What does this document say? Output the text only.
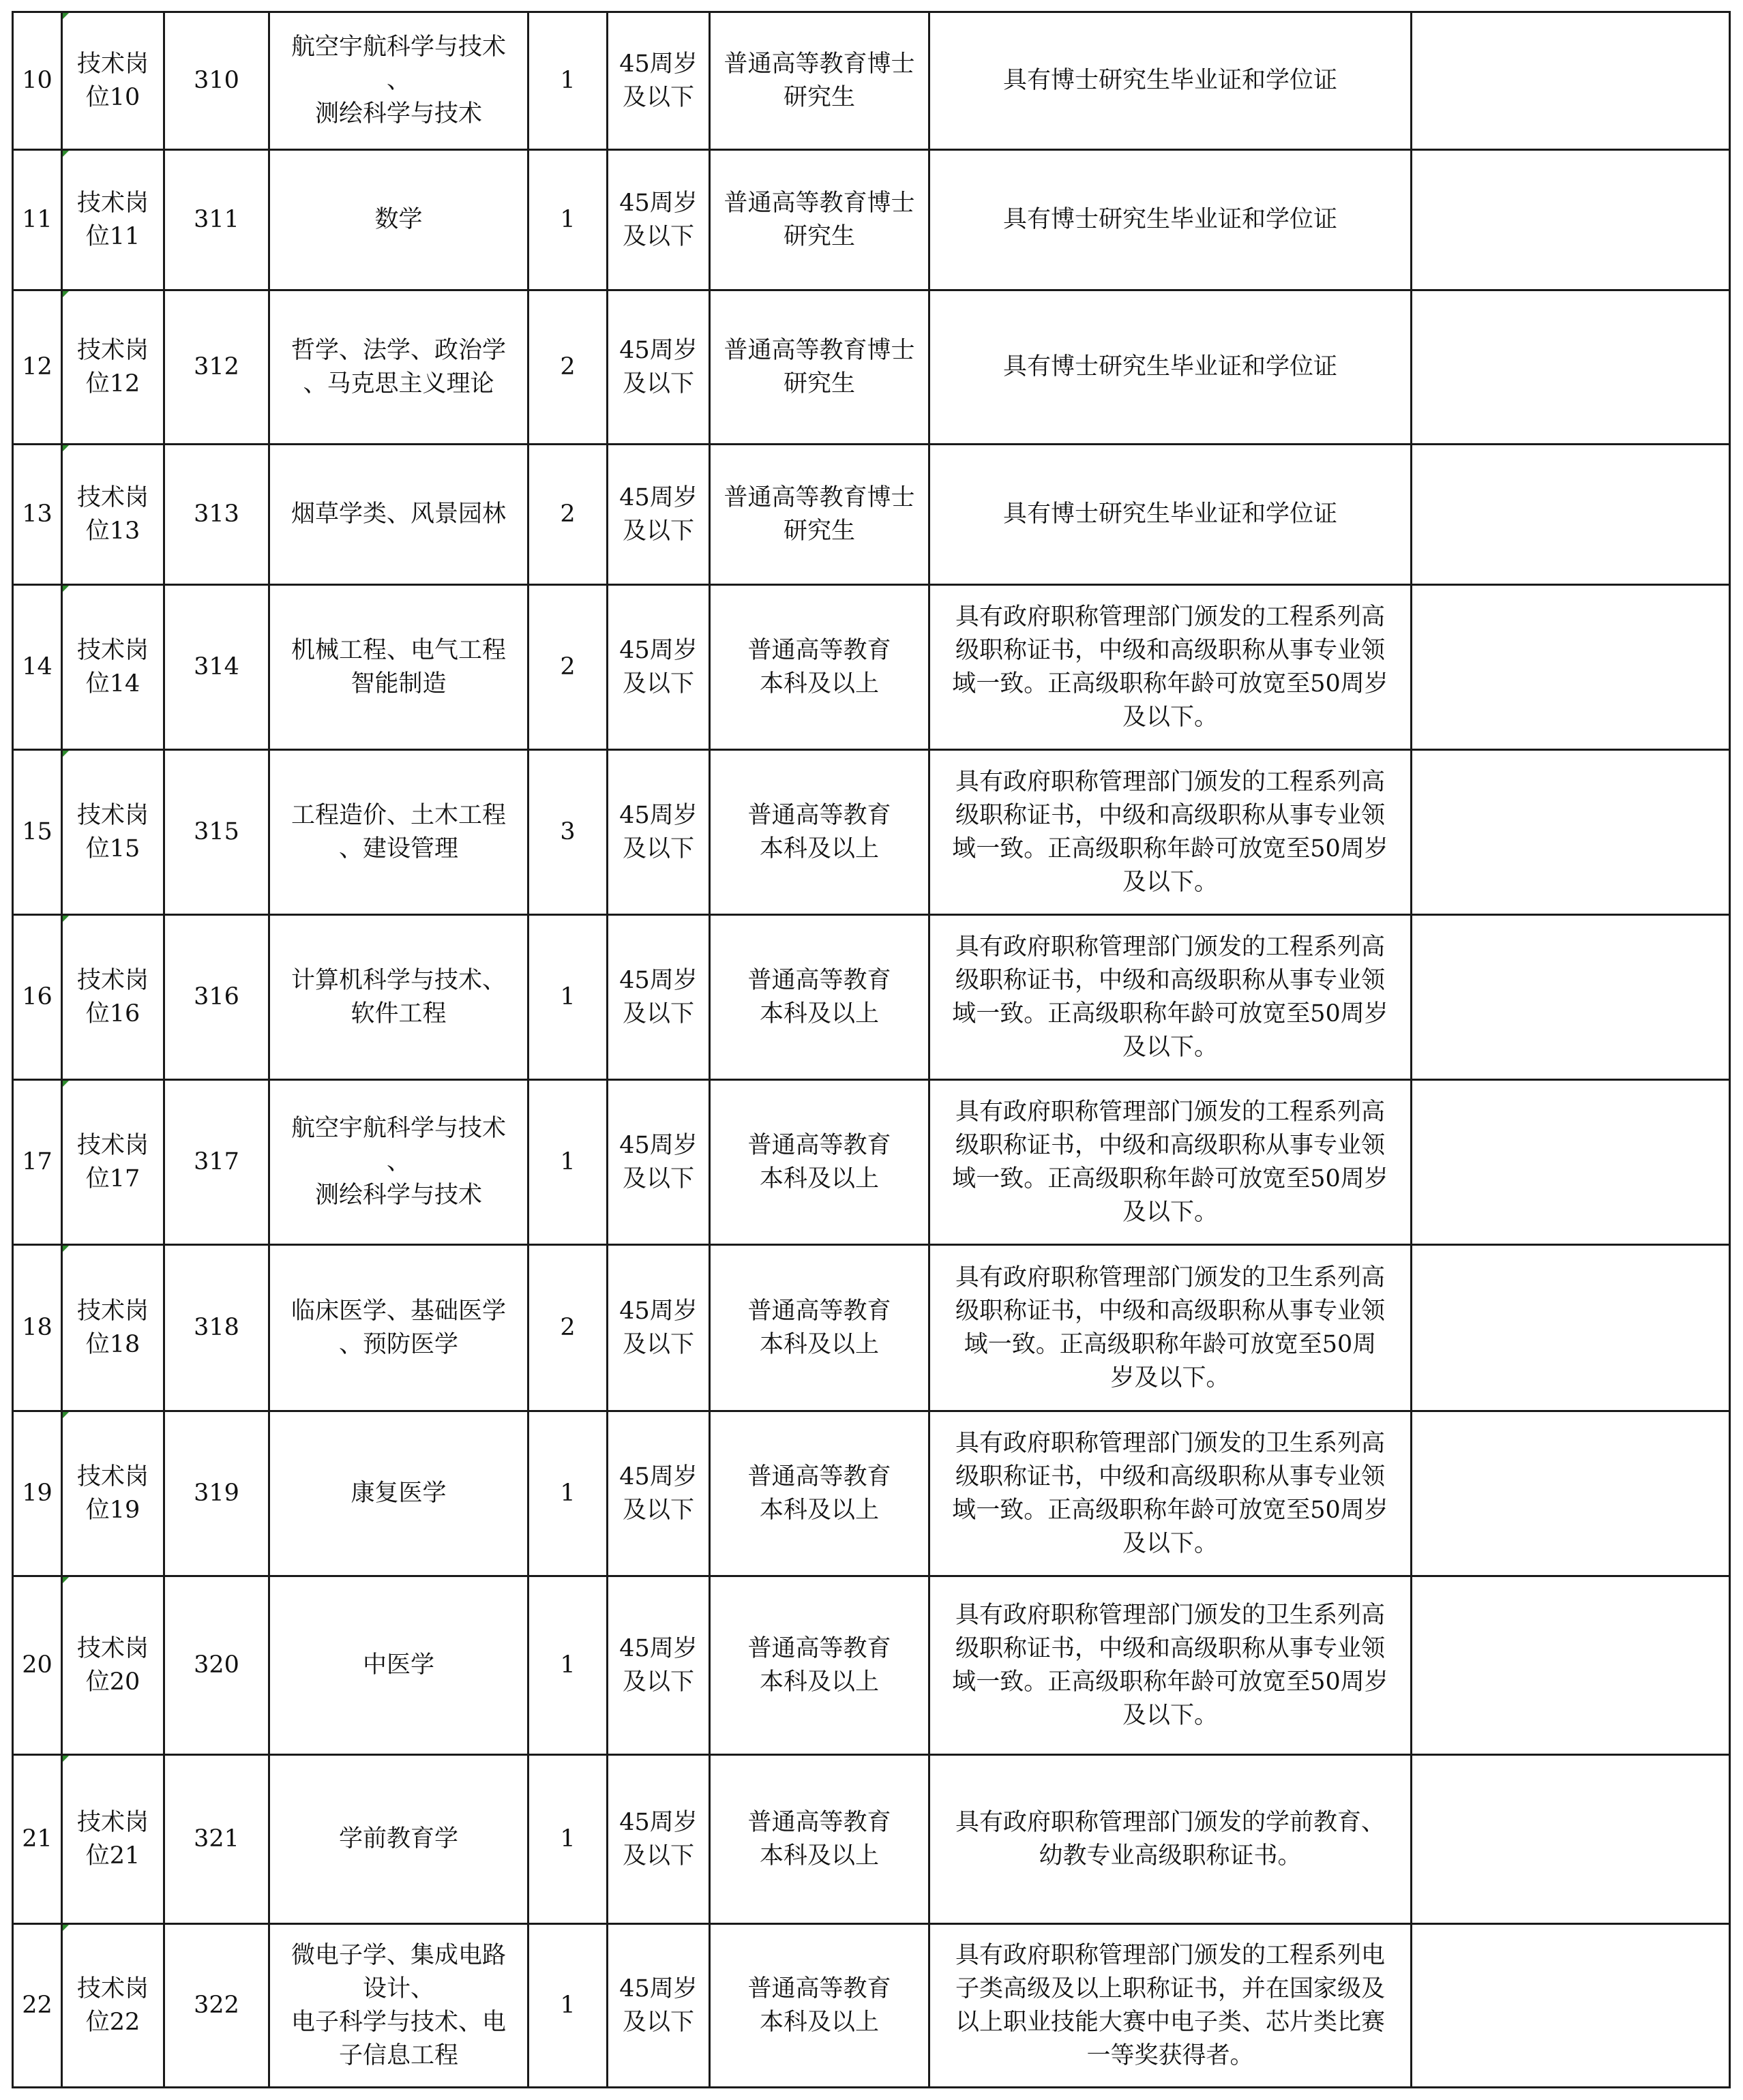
10	技术岗
位10	310	航空宇航科学与技术
、
测绘科学与技术	1	45周岁
及以下	普通高等教育博士
研究生	具有博士研究生毕业证和学位证	

11	技术岗
位11	311	数学	1	45周岁
及以下	普通高等教育博士
研究生	具有博士研究生毕业证和学位证	

12	技术岗
位12	312	哲学、法学、政治学
、马克思主义理论	2	45周岁
及以下	普通高等教育博士
研究生	具有博士研究生毕业证和学位证	

13	技术岗
位13	313	烟草学类、风景园林	2	45周岁
及以下	普通高等教育博士
研究生	具有博士研究生毕业证和学位证	

14	技术岗
位14	314	机械工程、电气工程
智能制造	2	45周岁
及以下	普通高等教育
本科及以上	具有政府职称管理部门颁发的工程系列高
级职称证书，中级和高级职称从事专业领
域一致。正高级职称年龄可放宽至50周岁
及以下。	

15	技术岗
位15	315	工程造价、土木工程
、建设管理	3	45周岁
及以下	普通高等教育
本科及以上	具有政府职称管理部门颁发的工程系列高
级职称证书，中级和高级职称从事专业领
域一致。正高级职称年龄可放宽至50周岁
及以下。	

16	技术岗
位16	316	计算机科学与技术、
软件工程	1	45周岁
及以下	普通高等教育
本科及以上	具有政府职称管理部门颁发的工程系列高
级职称证书，中级和高级职称从事专业领
域一致。正高级职称年龄可放宽至50周岁
及以下。	

17	技术岗
位17	317	航空宇航科学与技术
、
测绘科学与技术	1	45周岁
及以下	普通高等教育
本科及以上	具有政府职称管理部门颁发的工程系列高
级职称证书，中级和高级职称从事专业领
域一致。正高级职称年龄可放宽至50周岁
及以下。	

18	技术岗
位18	318	临床医学、基础医学
、预防医学	2	45周岁
及以下	普通高等教育
本科及以上	具有政府职称管理部门颁发的卫生系列高
级职称证书，中级和高级职称从事专业领
域一致。正高级职称年龄可放宽至50周
岁及以下。	

19	技术岗
位19	319	康复医学	1	45周岁
及以下	普通高等教育
本科及以上	具有政府职称管理部门颁发的卫生系列高
级职称证书，中级和高级职称从事专业领
域一致。正高级职称年龄可放宽至50周岁
及以下。	

20	技术岗
位20	320	中医学	1	45周岁
及以下	普通高等教育
本科及以上	具有政府职称管理部门颁发的卫生系列高
级职称证书，中级和高级职称从事专业领
域一致。正高级职称年龄可放宽至50周岁
及以下。	

21	技术岗
位21	321	学前教育学	1	45周岁
及以下	普通高等教育
本科及以上	具有政府职称管理部门颁发的学前教育、
幼教专业高级职称证书。	

22	技术岗
位22	322	微电子学、集成电路
设计、
电子科学与技术、电
子信息工程	1	45周岁
及以下	普通高等教育
本科及以上	具有政府职称管理部门颁发的工程系列电
子类高级及以上职称证书，并在国家级及
以上职业技能大赛中电子类、芯片类比赛
一等奖获得者。	
